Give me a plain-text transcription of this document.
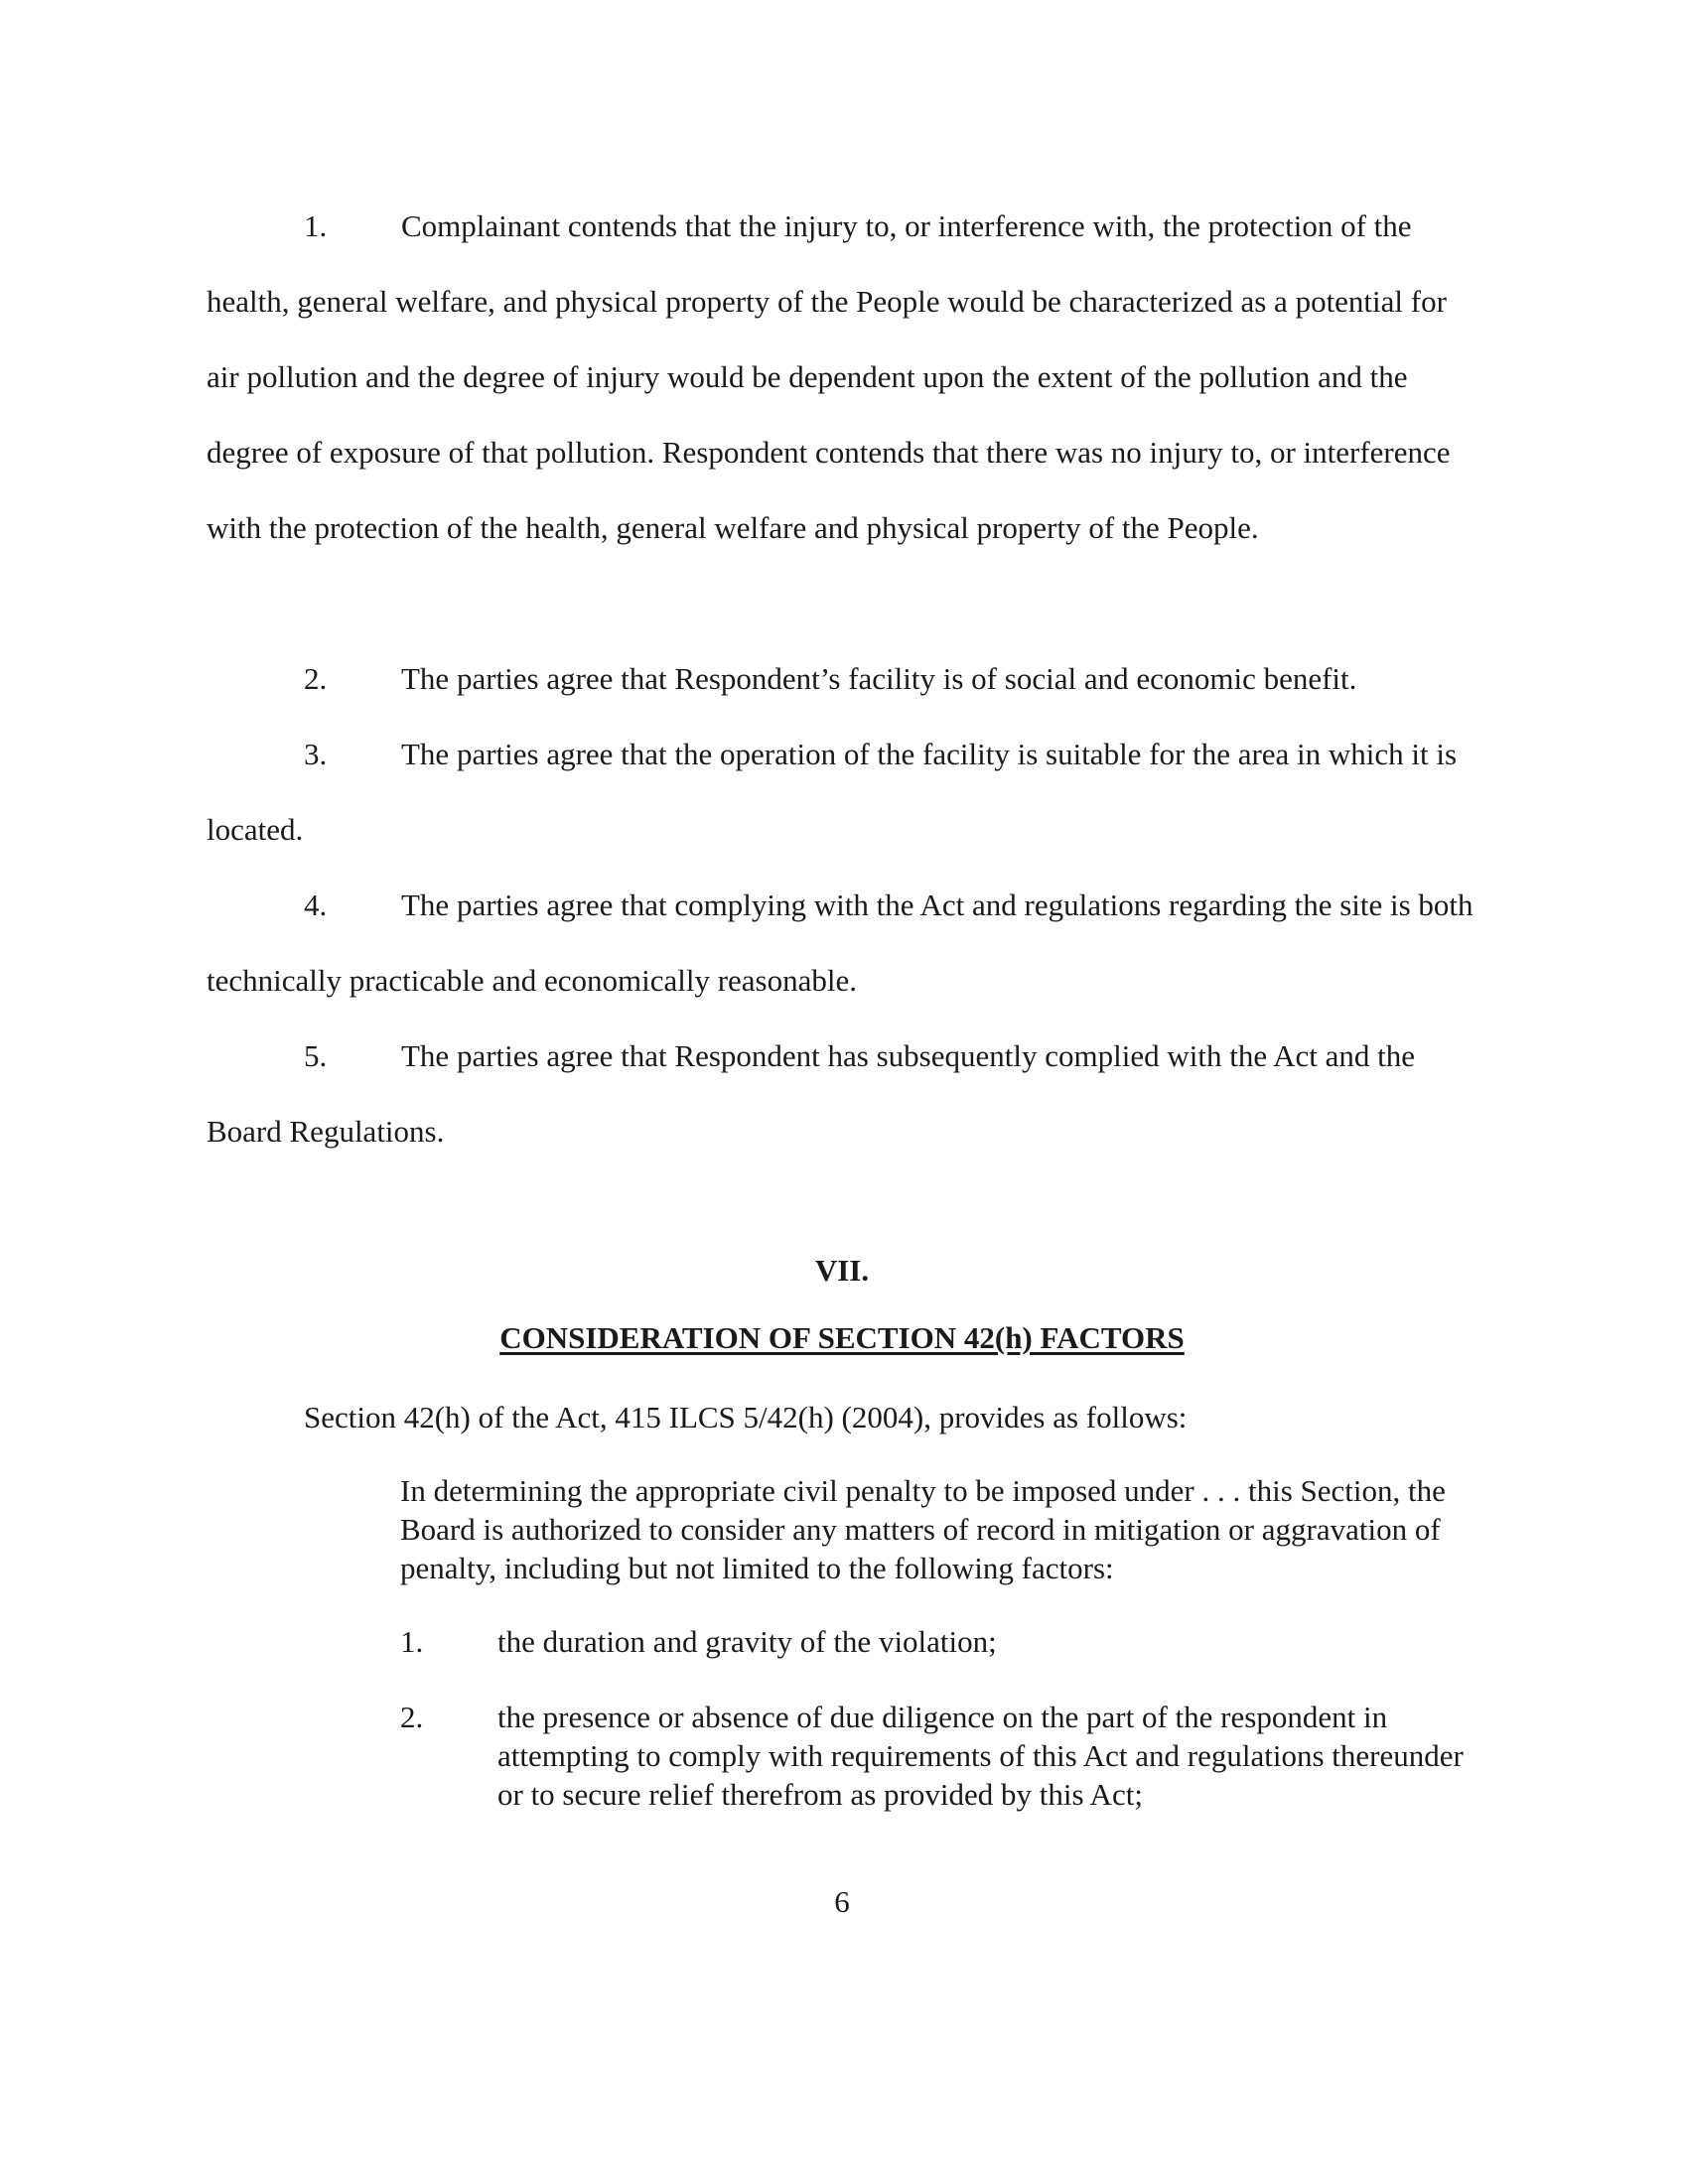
1. Complainant contends that the injury to, or interference with, the protection of the health, general welfare, and physical property of the People would be characterized as a potential for air pollution and the degree of injury would be dependent upon the extent of the pollution and the degree of exposure of that pollution. Respondent contends that there was no injury to, or interference with the protection of the health, general welfare and physical property of the People.

2. The parties agree that Respondent’s facility is of social and economic benefit.

3. The parties agree that the operation of the facility is suitable for the area in which it is located.

4. The parties agree that complying with the Act and regulations regarding the site is both technically practicable and economically reasonable.

5. The parties agree that Respondent has subsequently complied with the Act and the Board Regulations.

VII.

CONSIDERATION OF SECTION 42(h) FACTORS

Section 42(h) of the Act, 415 ILCS 5/42(h) (2004), provides as follows:

In determining the appropriate civil penalty to be imposed under . . . this Section, the Board is authorized to consider any matters of record in mitigation or aggravation of penalty, including but not limited to the following factors:

1.	the duration and gravity of the violation;
2.	the presence or absence of due diligence on the part of the respondent in attempting to comply with requirements of this Act and regulations thereunder or to secure relief therefrom as provided by this Act;

6
